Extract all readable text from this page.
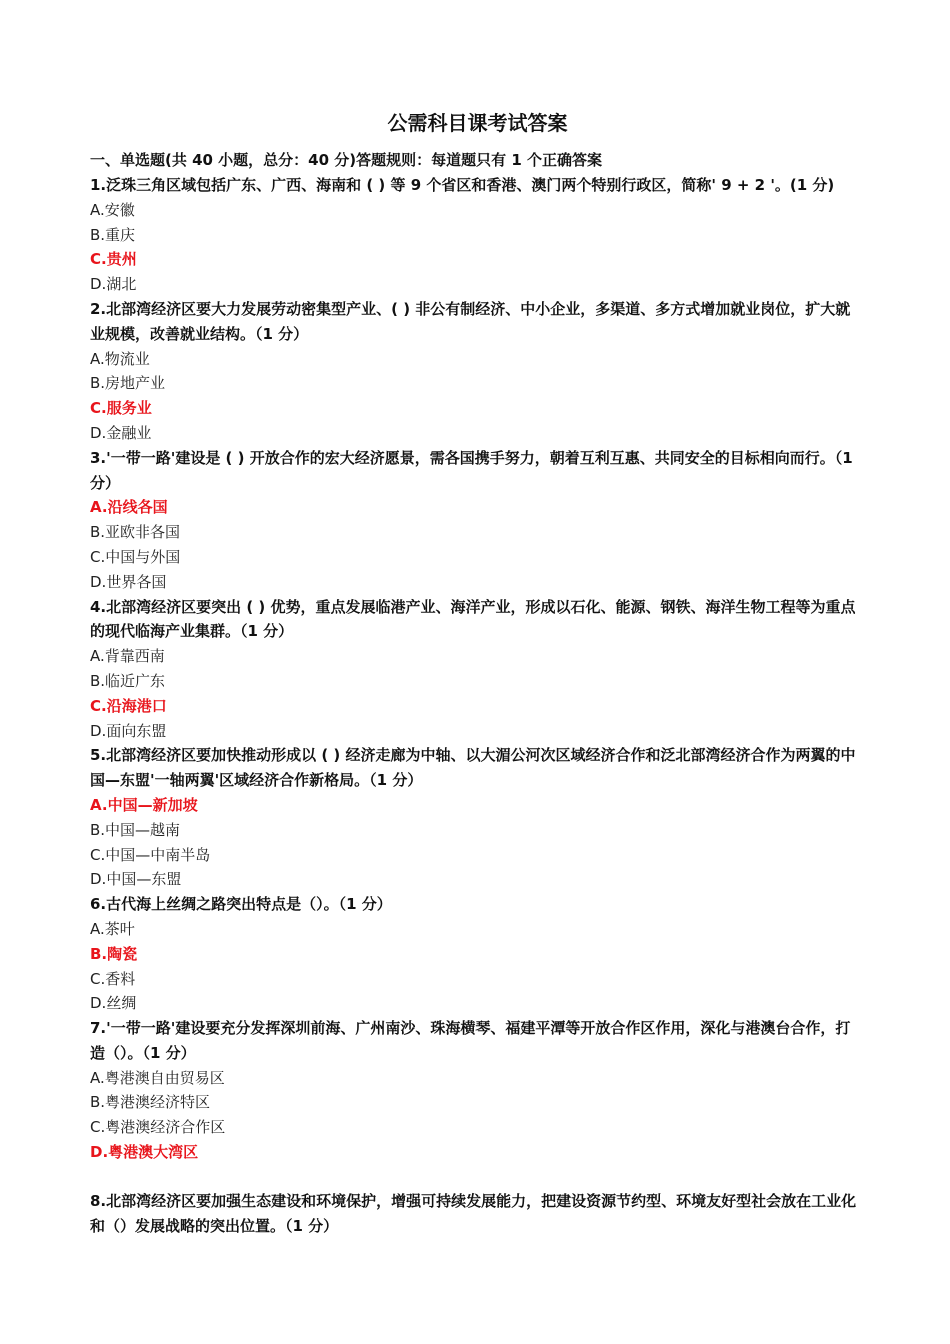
公需科目课考试答案
一、单选题(共 40 小题，总分：40 分)答题规则：每道题只有 1 个正确答案
1.泛珠三角区域包括广东、广西、海南和 ( ) 等 9 个省区和香港、澳门两个特别行政区，简称' 9 + 2 '。(1 分)
A.安徽
B.重庆
C.贵州
D.湖北
2.北部湾经济区要大力发展劳动密集型产业、( ) 非公有制经济、中小企业，多渠道、多方式增加就业岗位，扩大就业规模，改善就业结构。（1 分）
A.物流业
B.房地产业
C.服务业
D.金融业
3.'一带一路'建设是 ( ) 开放合作的宏大经济愿景，需各国携手努力，朝着互利互惠、共同安全的目标相向而行。（1 分）
A.沿线各国
B.亚欧非各国
C.中国与外国
D.世界各国
4.北部湾经济区要突出 ( ) 优势，重点发展临港产业、海洋产业，形成以石化、能源、钢铁、海洋生物工程等为重点的现代临海产业集群。（1 分）
A.背靠西南
B.临近广东
C.沿海港口
D.面向东盟
5.北部湾经济区要加快推动形成以 ( ) 经济走廊为中轴、以大湄公河次区域经济合作和泛北部湾经济合作为两翼的中国—东盟'一轴两翼'区域经济合作新格局。（1 分）
A.中国—新加坡
B.中国—越南
C.中国—中南半岛
D.中国—东盟
6.古代海上丝绸之路突出特点是（）。（1 分）
A.茶叶
B.陶瓷
C.香料
D.丝绸
7.'一带一路'建设要充分发挥深圳前海、广州南沙、珠海横琴、福建平潭等开放合作区作用，深化与港澳台合作，打造（）。（1 分）
A.粤港澳自由贸易区
B.粤港澳经济特区
C.粤港澳经济合作区
D.粤港澳大湾区
8.北部湾经济区要加强生态建设和环境保护，增强可持续发展能力，把建设资源节约型、环境友好型社会放在工业化和（）发展战略的突出位置。（1 分）
